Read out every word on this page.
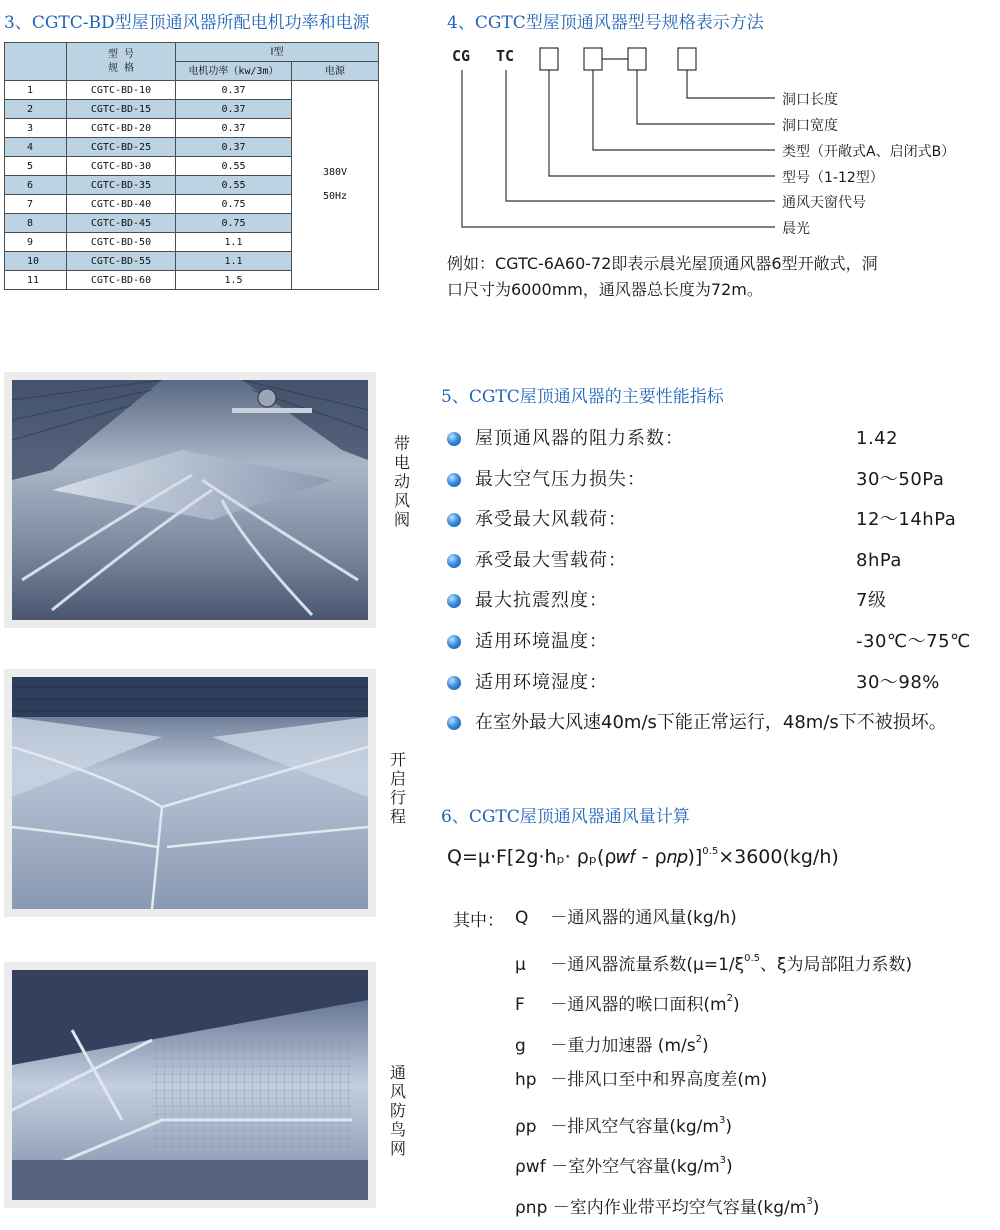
3、CGTC-BD型屋顶通风器所配电机功率和电源
	型 号
规 格	Ⅰ型	
		电机功率（kw/3m）	电源
1	CGTC-BD-10	0.37	380V
50Hz

2	CGTC-BD-15	0.37	
3	CGTC-BD-20	0.37	
4	CGTC-BD-25	0.37	
5	CGTC-BD-30	0.55	
6	CGTC-BD-35	0.55	
7	CGTC-BD-40	0.75	
8	CGTC-BD-45	0.75	
9	CGTC-BD-50	1.1	
10	CGTC-BD-55	1.1	
11	CGTC-BD-60	1.5	
4、CGTC型屋顶通风器型号规格表示方法
CG TC
洞口长度
洞口宽度
类型（开敞式A、启闭式B）
型号（1-12型）
通风天窗代号
晨光
例如：CGTC-6A60-72即表示晨光屋顶通风器6型开敞式，洞
口尺寸为6000mm，通风器总长度为72m。
带
电
动
风
阀
开
启
行
程
通
风
防
鸟
网
5、CGTC屋顶通风器的主要性能指标
屋顶通风器的阻力系数：	1.42
最大空气压力损失：	30～50Pa
承受最大风载荷：	12～14hPa
承受最大雪载荷：	8hPa
最大抗震烈度：	7级
适用环境温度：	-30℃～75℃
适用环境湿度：	30～98%
在室外最大风速40m/s下能正常运行，48m/s下不被损坏。
6、CGTC屋顶通风器通风量计算
Q=μ·F[2g·hₚ· ρₚ(ρ𝑤𝑓 - ρ𝑛𝑝)]$^{0.5}$×3600(kg/h)
其中： Q －通风器的通风量(kg/h)
μ －通风器流量系数($\mu=1/\xi^{0.5}$、ξ为局部阻力系数)
F －通风器的喉口面积$(m^2)$
g －重力加速器 $(m/s^2)$
hp －排风口至中和界高度差(m)
ρp －排风空气容量$(kg/m^3)$
ρwf －室外空气容量$(kg/m^3)$
ρnp －室内作业带平均空气容量$(kg/m^3)$
